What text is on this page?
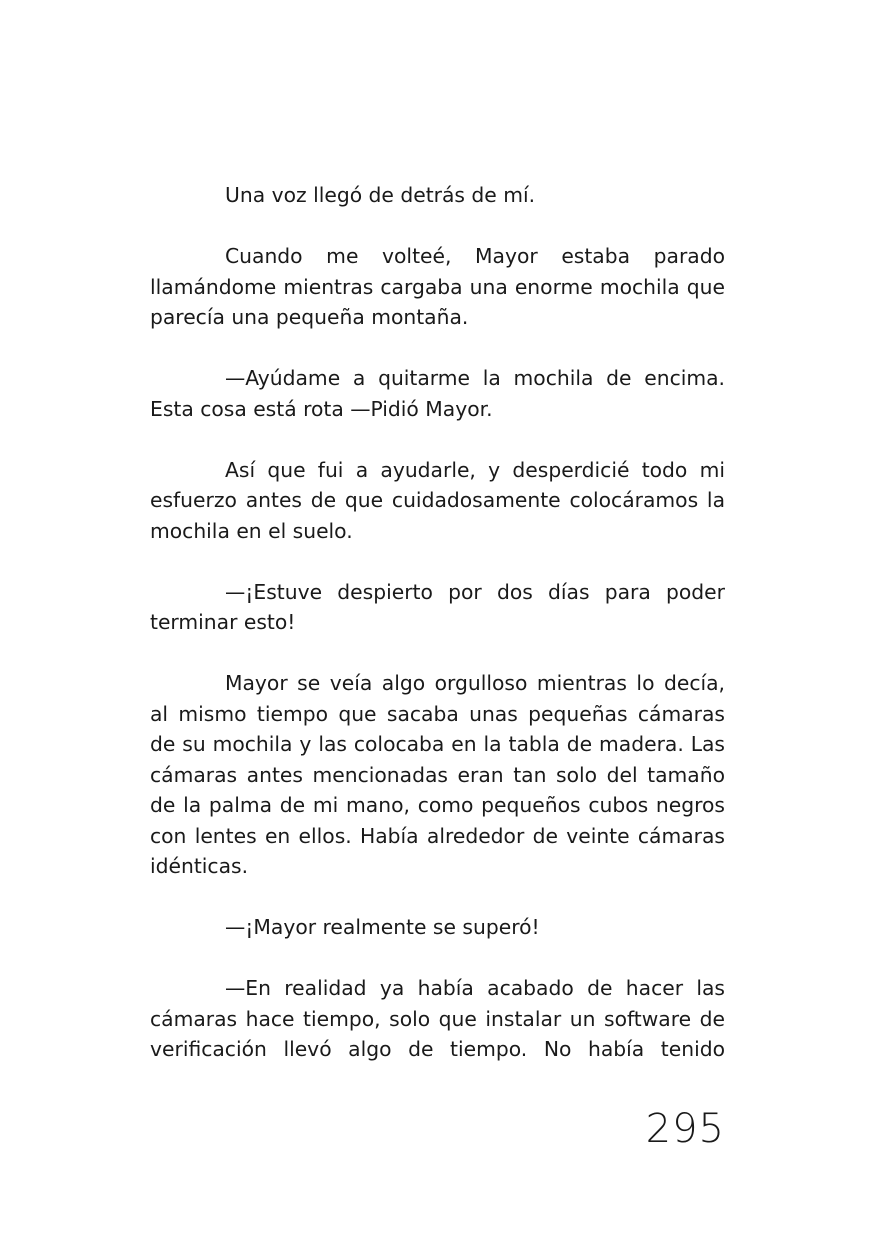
Una voz llegó de detrás de mí.

Cuando me volteé, Mayor estaba parado llamándome mientras cargaba una enorme mochila que parecía una pequeña montaña.

—Ayúdame a quitarme la mochila de encima. Esta cosa está rota —Pidió Mayor.

Así que fui a ayudarle, y desperdicié todo mi esfuerzo antes de que cuidadosamente colocáramos la mochila en el suelo.

—¡Estuve despierto por dos días para poder terminar esto!

Mayor se veía algo orgulloso mientras lo decía, al mismo tiempo que sacaba unas pequeñas cámaras de su mochila y las colocaba en la tabla de madera. Las cámaras antes mencionadas eran tan solo del tamaño de la palma de mi mano, como pequeños cubos negros con lentes en ellos. Había alrededor de veinte cámaras idénticas.

—¡Mayor realmente se superó!

—En realidad ya había acabado de hacer las cámaras hace tiempo, solo que instalar un software de verificación llevó algo de tiempo. No había tenido

295
